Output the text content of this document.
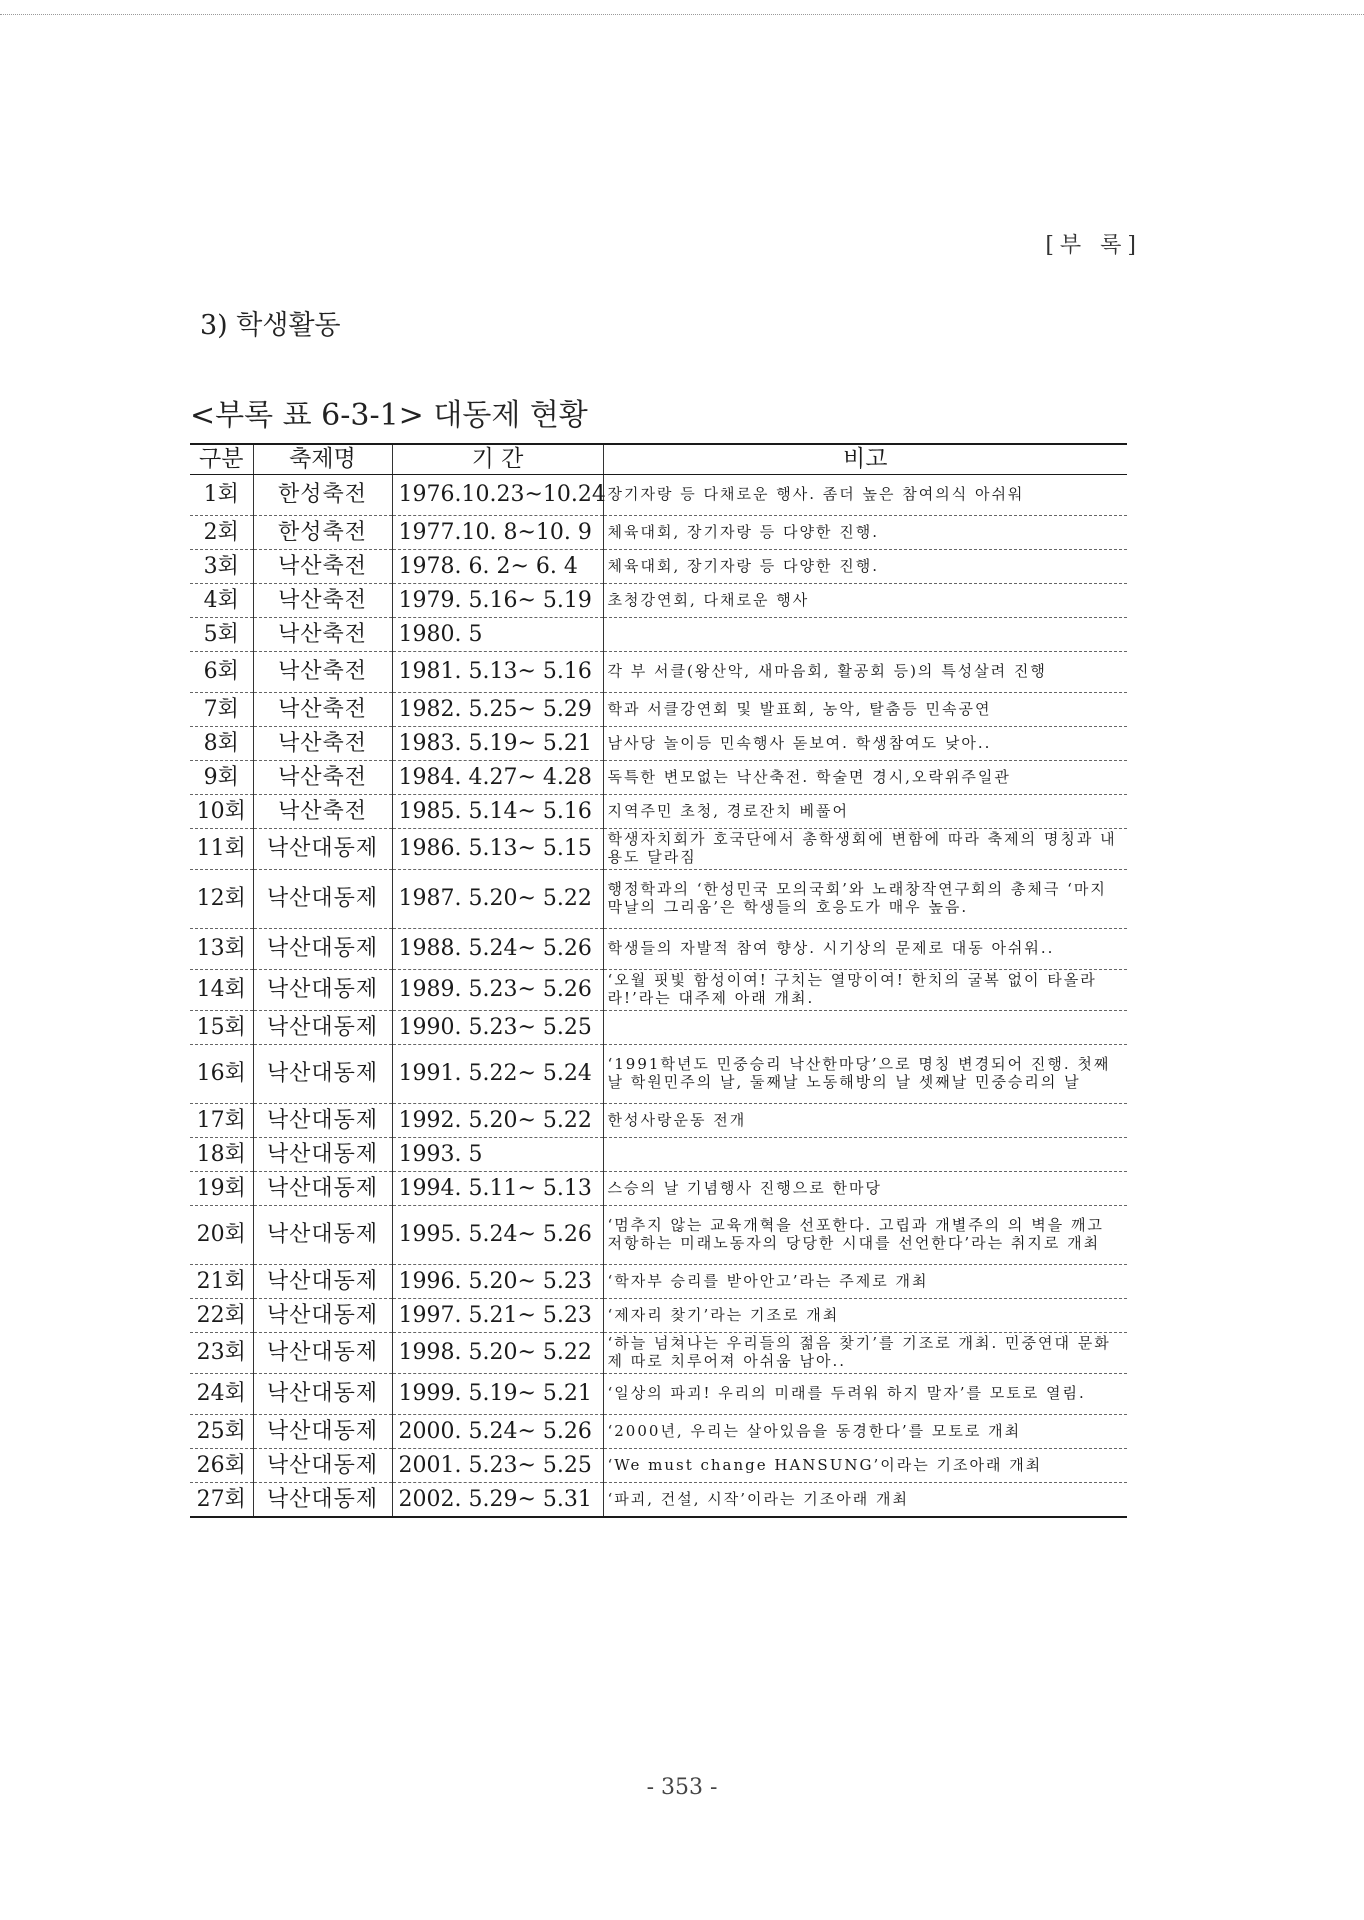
[부 록]
3) 학생활동
<부록 표 6-3-1> 대동제 현황
구분	축제명	기 간	비고
1회	한성축전	1976.10.23~10.24	장기자랑 등 다채로운 행사. 좀더 높은 참여의식 아쉬워
2회	한성축전	1977.10. 8~10. 9	체육대회, 장기자랑 등 다양한 진행.
3회	낙산축전	1978. 6. 2~ 6. 4	체육대회, 장기자랑 등 다양한 진행.
4회	낙산축전	1979. 5.16~ 5.19	초청강연회, 다채로운 행사
5회	낙산축전	1980. 5	
6회	낙산축전	1981. 5.13~ 5.16	각 부 서클(왕산악, 새마음회, 활공회 등)의 특성살려 진행
7회	낙산축전	1982. 5.25~ 5.29	학과 서클강연회 및 발표회, 농악, 탈춤등 민속공연
8회	낙산축전	1983. 5.19~ 5.21	남사당 놀이등 민속행사 돋보여. 학생참여도 낮아..
9회	낙산축전	1984. 4.27~ 4.28	독특한 변모없는 낙산축전. 학술면 경시,오락위주일관
10회	낙산축전	1985. 5.14~ 5.16	지역주민 초청, 경로잔치 베풀어
11회	낙산대동제	1986. 5.13~ 5.15	학생자치회가 호국단에서 총학생회에 변함에 따라 축제의 명칭과 내용도 달라짐
12회	낙산대동제	1987. 5.20~ 5.22	행정학과의 ‘한성민국 모의국회’와 노래창작연구회의 총체극 ‘마지막날의 그리움’은 학생들의 호응도가 매우 높음.
13회	낙산대동제	1988. 5.24~ 5.26	학생들의 자발적 참여 향상. 시기상의 문제로 대동 아쉬워..
14회	낙산대동제	1989. 5.23~ 5.26	‘오월 핏빛 함성이여! 구치는 열망이여! 한치의 굴복 없이 타올라라!’라는 대주제 아래 개최.
15회	낙산대동제	1990. 5.23~ 5.25	
16회	낙산대동제	1991. 5.22~ 5.24	‘1991학년도 민중승리 낙산한마당’으로 명칭 변경되어 진행. 첫째날 학원민주의 날, 둘째날 노동해방의 날 셋째날 민중승리의 날
17회	낙산대동제	1992. 5.20~ 5.22	한성사랑운동 전개
18회	낙산대동제	1993. 5	
19회	낙산대동제	1994. 5.11~ 5.13	스승의 날 기념행사 진행으로 한마당
20회	낙산대동제	1995. 5.24~ 5.26	‘멈추지 않는 교육개혁을 선포한다. 고립과 개별주의 의 벽을 깨고 저항하는 미래노동자의 당당한 시대를 선언한다’라는 취지로 개최
21회	낙산대동제	1996. 5.20~ 5.23	‘학자부 승리를 받아안고’라는 주제로 개최
22회	낙산대동제	1997. 5.21~ 5.23	‘제자리 찾기’라는 기조로 개최
23회	낙산대동제	1998. 5.20~ 5.22	‘하늘 넘쳐나는 우리들의 젊음 찾기’를 기조로 개최. 민중연대 문화제 따로 치루어져 아쉬움 남아..
24회	낙산대동제	1999. 5.19~ 5.21	‘일상의 파괴! 우리의 미래를 두려워 하지 말자’를 모토로 열림.
25회	낙산대동제	2000. 5.24~ 5.26	‘2000년, 우리는 살아있음을 동경한다’를 모토로 개최
26회	낙산대동제	2001. 5.23~ 5.25	‘We must change HANSUNG’이라는 기조아래 개최
27회	낙산대동제	2002. 5.29~ 5.31	‘파괴, 건설, 시작’이라는 기조아래 개최
- 353 -
